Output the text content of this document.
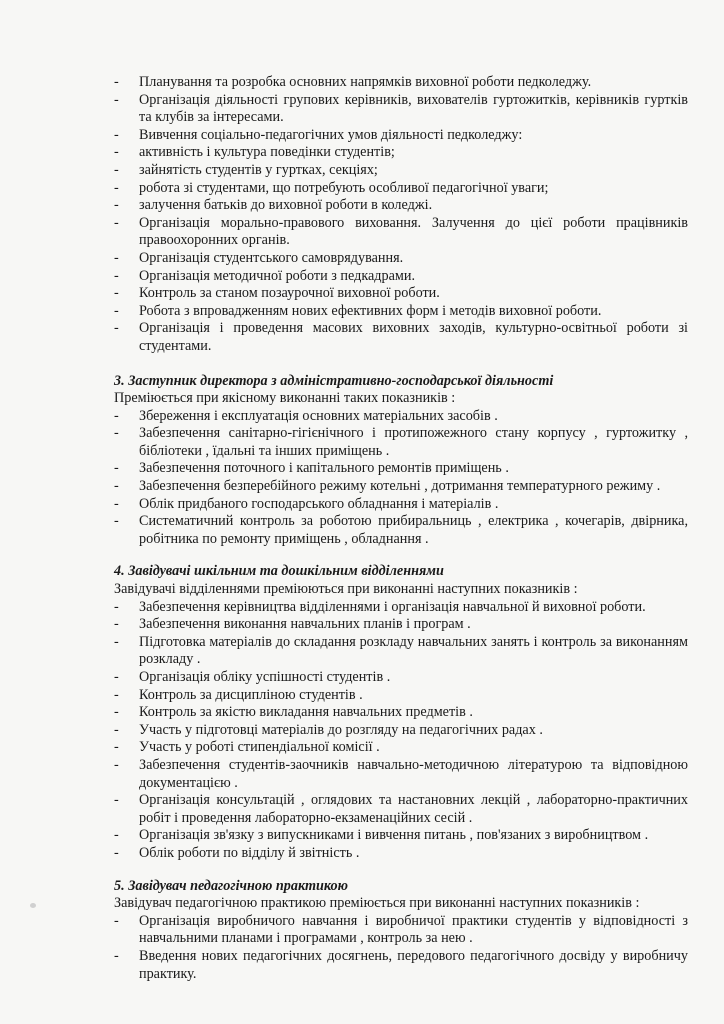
- Планування та розробка основних напрямків виховної роботи педколеджу.
- Організація діяльності групових керівників, вихователів гуртожитків, керівників гуртків та клубів за інтересами.
- Вивчення соціально-педагогічних умов діяльності педколеджу:
- активність і культура поведінки студентів;
- зайнятість студентів у гуртках, секціях;
- робота зі студентами, що потребують особливої педагогічної уваги;
- залучення батьків до виховної роботи в коледжі.
- Організація морально-правового виховання. Залучення до цієї роботи працівників правоохоронних органів.
- Організація студентського самоврядування.
- Організація методичної роботи з педкадрами.
- Контроль за станом позаурочної виховної роботи.
- Робота з впровадженням нових ефективних форм і методів виховної роботи.
- Організація і проведення масових виховних заходів, культурно-освітньої роботи зі студентами.

3. Заступник директора з адміністративно-господарської діяльності

Преміюється при якісному виконанні таких показників :

- Збереження і експлуатація основних матеріальних засобів .
- Забезпечення санітарно-гігієнічного і протипожежного стану корпусу , гуртожитку , бібліотеки , їдальні та інших приміщень .
- Забезпечення поточного і капітального ремонтів приміщень .
- Забезпечення безперебійного режиму котельні , дотримання температурного режиму .
- Облік придбаного господарського обладнання і матеріалів .
- Систематичний контроль за роботою прибиральниць , електрика , кочегарів, двірника, робітника по ремонту приміщень , обладнання .

4. Завідувачі шкільним та дошкільним відділеннями

Завідувачі відділеннями преміюються при виконанні наступних показників :

- Забезпечення керівництва відділеннями і організація навчальної й виховної роботи.
- Забезпечення виконання навчальних планів і програм .
- Підготовка матеріалів до складання розкладу навчальних занять і контроль за виконанням розкладу .
- Організація обліку успішності студентів .
- Контроль за дисципліною студентів .
- Контроль за якістю викладання навчальних предметів .
- Участь у підготовці матеріалів до розгляду на педагогічних радах .
- Участь у роботі стипендіальної комісії .
- Забезпечення студентів-заочників навчально-методичною літературою та відповідною документацією .
- Організація консультацій , оглядових та настановних лекцій , лабораторно-практичних робіт і проведення лабораторно-екзаменаційних сесій .
- Організація зв'язку з випускниками і вивчення питань , пов'язаних з виробництвом .
- Облік роботи по відділу й звітність .

5. Завідувач педагогічною практикою

Завідувач педагогічною практикою преміюється при виконанні наступних показників :

- Організація виробничого навчання і виробничої практики студентів у відповідності з навчальними планами і програмами , контроль за нею .
- Введення нових педагогічних досягнень, передового педагогічного досвіду у виробничу практику.
